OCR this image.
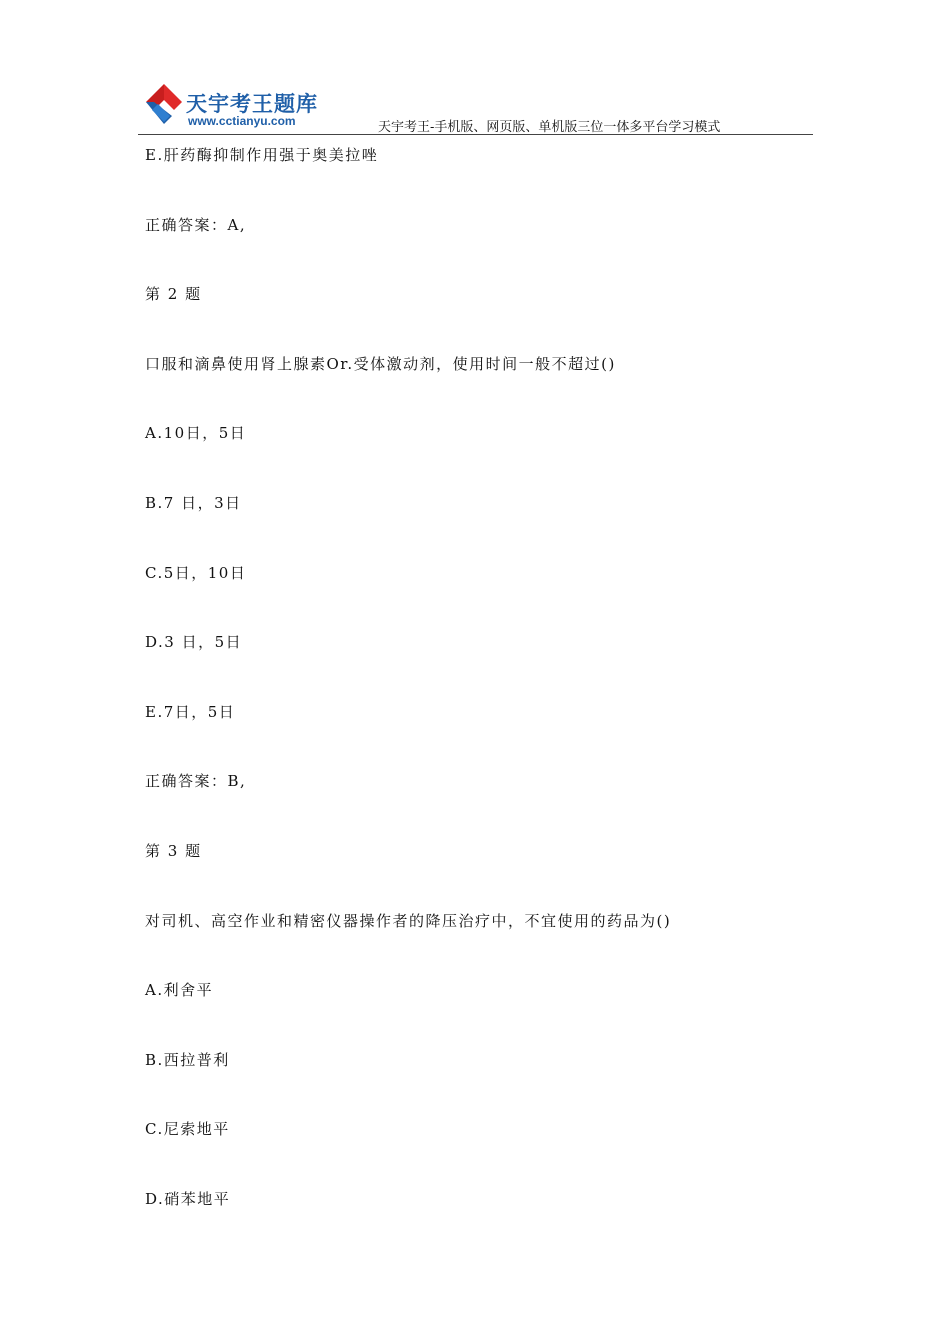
天宇考王题库
www.cctianyu.com	天宇考王-手机版、网页版、单机版三位一体多平台学习模式

E.肝药酶抑制作用强于奥美拉唑

正确答案：A,

第 2 题

口服和滴鼻使用肾上腺素Or.受体激动剂，使用时间一般不超过()

A.10日，5日

B.7 日，3日

C.5日，10日

D.3 日，5日

E.7日，5日

正确答案：B,

第 3 题

对司机、高空作业和精密仪器操作者的降压治疗中，不宜使用的药品为()

A.利舍平

B.西拉普利

C.尼索地平

D.硝苯地平
